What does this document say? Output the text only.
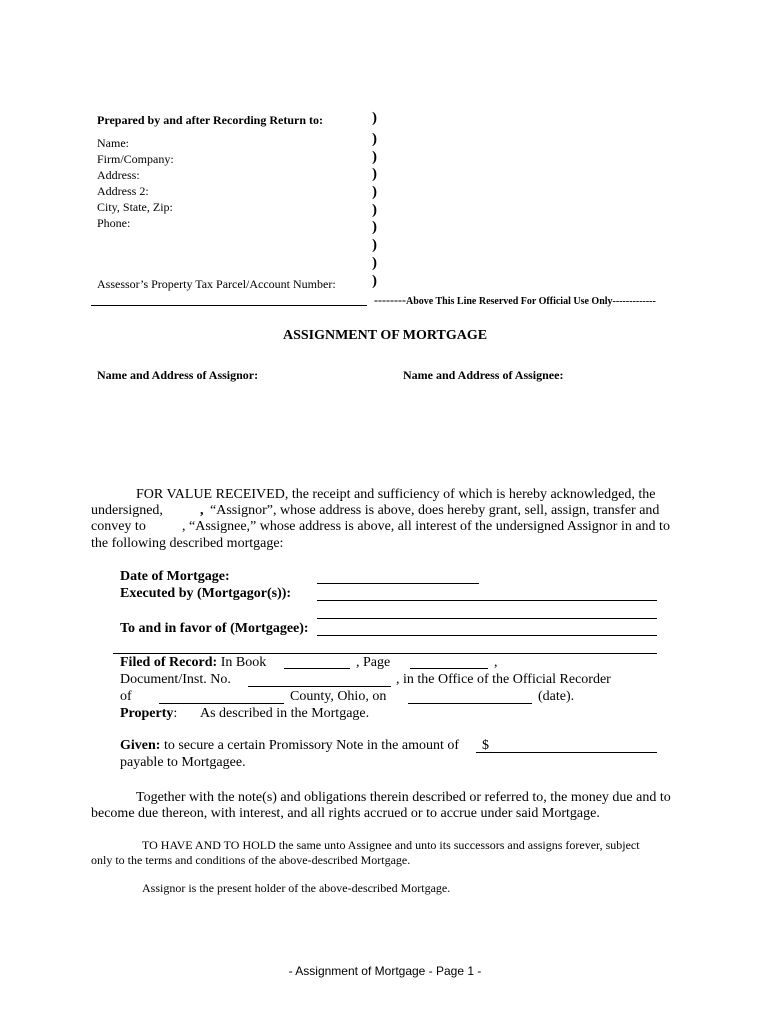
Prepared by and after Recording Return to:
Name:
Firm/Company:
Address:
Address 2:
City, State, Zip:
Phone:
Assessor’s Property Tax Parcel/Account Number:
)
)
)
)
)
)
)
)
)
)
--------Above This Line Reserved For Official Use Only-------------
ASSIGNMENT OF MORTGAGE
Name and Address of Assignor:	Name and Address of Assignee:
FOR VALUE RECEIVED, the receipt and sufficiency of which is hereby acknowledged, the
undersigned,	, “Assignor”, whose address is above, does hereby grant, sell, assign, transfer and
convey to	, “Assignee,” whose address is above, all interest of the undersigned Assignor in and to
the following described mortgage:
Date of Mortgage:
Executed by (Mortgagor(s)):
To and in favor of (Mortgagee):
Filed of Record: In Book	, Page	,
Document/Inst. No.	, in the Office of the Official Recorder
of	County, Ohio, on	(date).
Property: As described in the Mortgage.
Given: to secure a certain Promissory Note in the amount of $
payable to Mortgagee.
Together with the note(s) and obligations therein described or referred to, the money due and to
become due thereon, with interest, and all rights accrued or to accrue under said Mortgage.
TO HAVE AND TO HOLD the same unto Assignee and unto its successors and assigns forever, subject
only to the terms and conditions of the above-described Mortgage.
Assignor is the present holder of the above-described Mortgage.
- Assignment of Mortgage - Page 1 -
